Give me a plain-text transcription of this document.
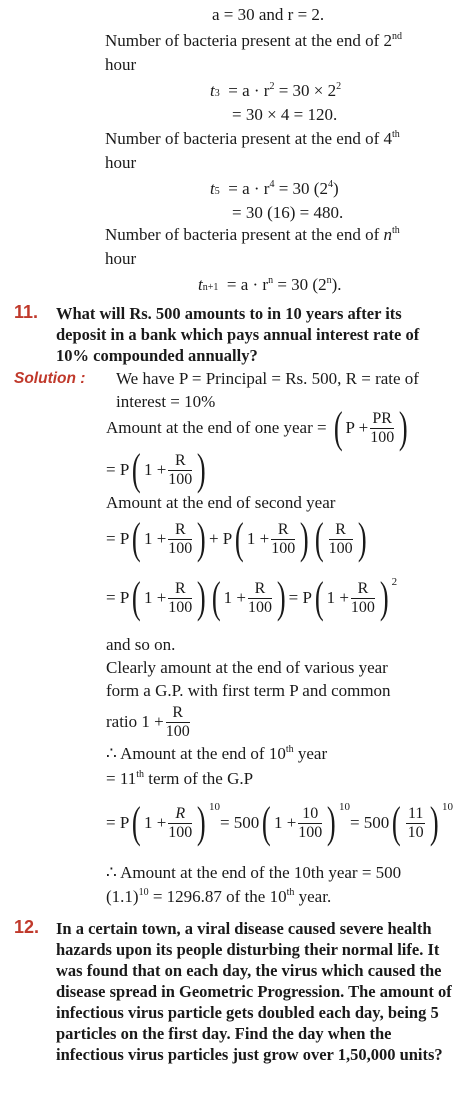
a = 30 and r = 2.
Number of bacteria present at the end of 2nd
hour
$t_3 = a \cdot r^2 = 30 \times 2^2$
= 30 × 4 = 120.
Number of bacteria present at the end of 4th
hour
$t_5 = a \cdot r^4 = 30$ $(2^4)$
= 30 (16) = 480.
Number of bacteria present at the end of $n^{th}$
hour
$t_{n+1} = a \cdot r^n = 30$ (2$^n$).
11. What will Rs. 500 amounts to in 10 years after its deposit in a bank which pays annual interest rate of 10% compounded annually?
Solution : We have P = Principal = Rs. 500, R = rate of
interest = 10%
Amount at the end of one year =
( $P + \frac{PR}{100}$ )
= P ( $1 + \frac{R}{100}$ )
Amount at the end of second year
= P ( $1 + \frac{R}{100}$ ) + P ( $1 + \frac{R}{100}$ ) ( $\frac{R}{100}$ )
= P ( $1 + \frac{R}{100}$ ) ( $1 + \frac{R}{100}$ ) = P ( $1 + \frac{R}{100}$ ) 2
and so on.
Clearly amount at the end of various year
form a G.P. with first term P and common
ratio
$1 + \frac{R}{100}$
∴ Amount at the end of 10th year
= 11th term of the G.P
= P ( $1 + \frac{R}{100}$ ) 10
= 500 ( $1 + \frac{10}{100}$ ) 10
= 500 ( $\frac{11}{10}$ ) 10
∴ Amount at the end of the 10th year = 500
$(1.1)^{10} = 1296.87$ of the 10th year.
12. In a certain town, a viral disease caused severe health hazards upon its people disturbing their normal life. It was found that on each day, the virus which caused the disease spread in Geometric Progression. The amount of infectious virus particle gets doubled each day, being 5 particles on the first day. Find the day when the infectious virus particles just grow over 1,50,000 units?
